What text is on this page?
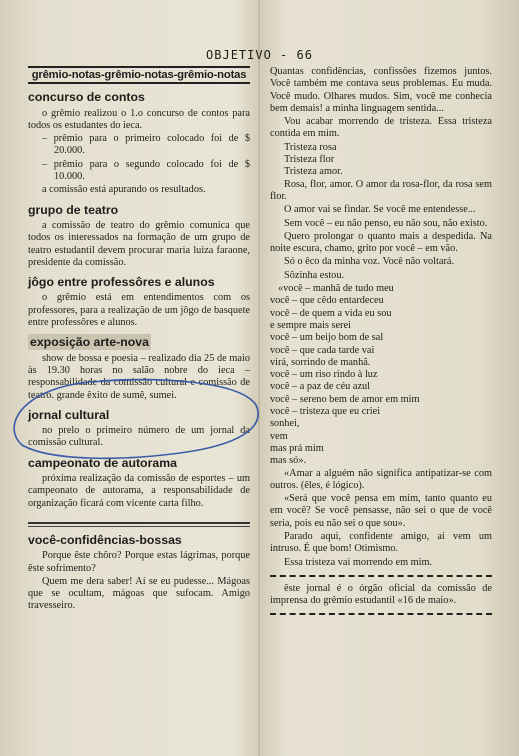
OBJETIVO - 66
grêmio-notas-grêmio-notas-grêmio-notas
concurso de contos

o grêmio realizou o 1.o concurso de contos para todos os estudantes do ieca.

– prêmio para o primeiro colocado foi de $ 20.000.

– prêmio para o segundo colocado foi de $ 10.000.

a comissão está apurando os resultados.

grupo de teatro

a comissão de teatro do grêmio comunica que todos os interessados na formação de um grupo de teatro estudantil devem procurar maria luiza faraone, presidente da comissão.

jôgo entre professôres e alunos

o grêmio está em entendimentos com os professores, para a realização de um jôgo de basquete entre professôres e alunos.

exposição arte-nova

show de bossa e poesia – realizado dia 25 de maio às 19.30 horas no salão nobre do ieca – responsabilidade da comissão cultural e comissão de teatro. grande êxito de sumê, sumei.

jornal cultural

no prelo o primeiro número de um jornal da comissão cultural.

campeonato de autorama

próxima realização da comissão de esportes – um campeonato de autorama, a responsabilidade de organização ficará com vicente carta filho.

você-confidências-bossas

Porque êste chôro? Porque estas lágrimas, porque êste sofrimento?

Quem me dera saber! Aí se eu pudesse... Mágoas que se ocultam, mágoas que sufocam. Amigo travesseiro.

Quantas confidências, confissões fizemos juntos. Você também me contava seus problemas. Eu muda. Você mudo. Olhares mudos. Sim, você me conhecia bem demais! a minha linguagem sentida...

Vou acabar morrendo de tristeza. Essa tristeza contida em mim.

Tristeza rosa

Tristeza flor

Tristeza amor.

Rosa, flor, amor. O amor da rosa-flor, da rosa sem flor.

O amor vai se findar. Se você me entendesse...

Sem você – eu não penso, eu não sou, não existo.

Quero prolongar o quanto mais a despedida. Na noite escura, chamo, grito por você – em vão.

Só o êco da minha voz. Você não voltará.

Sôzinha estou.

«você – manhã de tudo meu

você – que cêdo entardeceu

você – de quem a vida eu sou

e sempre mais serei

você – um beijo bom de sal

você – que cada tarde vai

virá, sorrindo de manhã.

você – um riso rindo à luz

você – a paz de céu azul

você – sereno bem de amor em mim

você – tristeza que eu criei

sonhei,

vem

mas prá mim

mas só».

«Amar a alguém não significa antipatizar-se com outros. (êles, é lógico).

«Será que você pensa em mim, tanto quanto eu em você? Se você pensasse, não sei o que de você seria, pois eu não sei o que sou».

Parado aqui, confidente amigo, aí vem um intruso. É que bom! Otimismo.

Essa tristeza vai morrendo em mim.

êste jornal é o órgão oficial da comissão de imprensa do grêmio estudantil «16 de maio».
